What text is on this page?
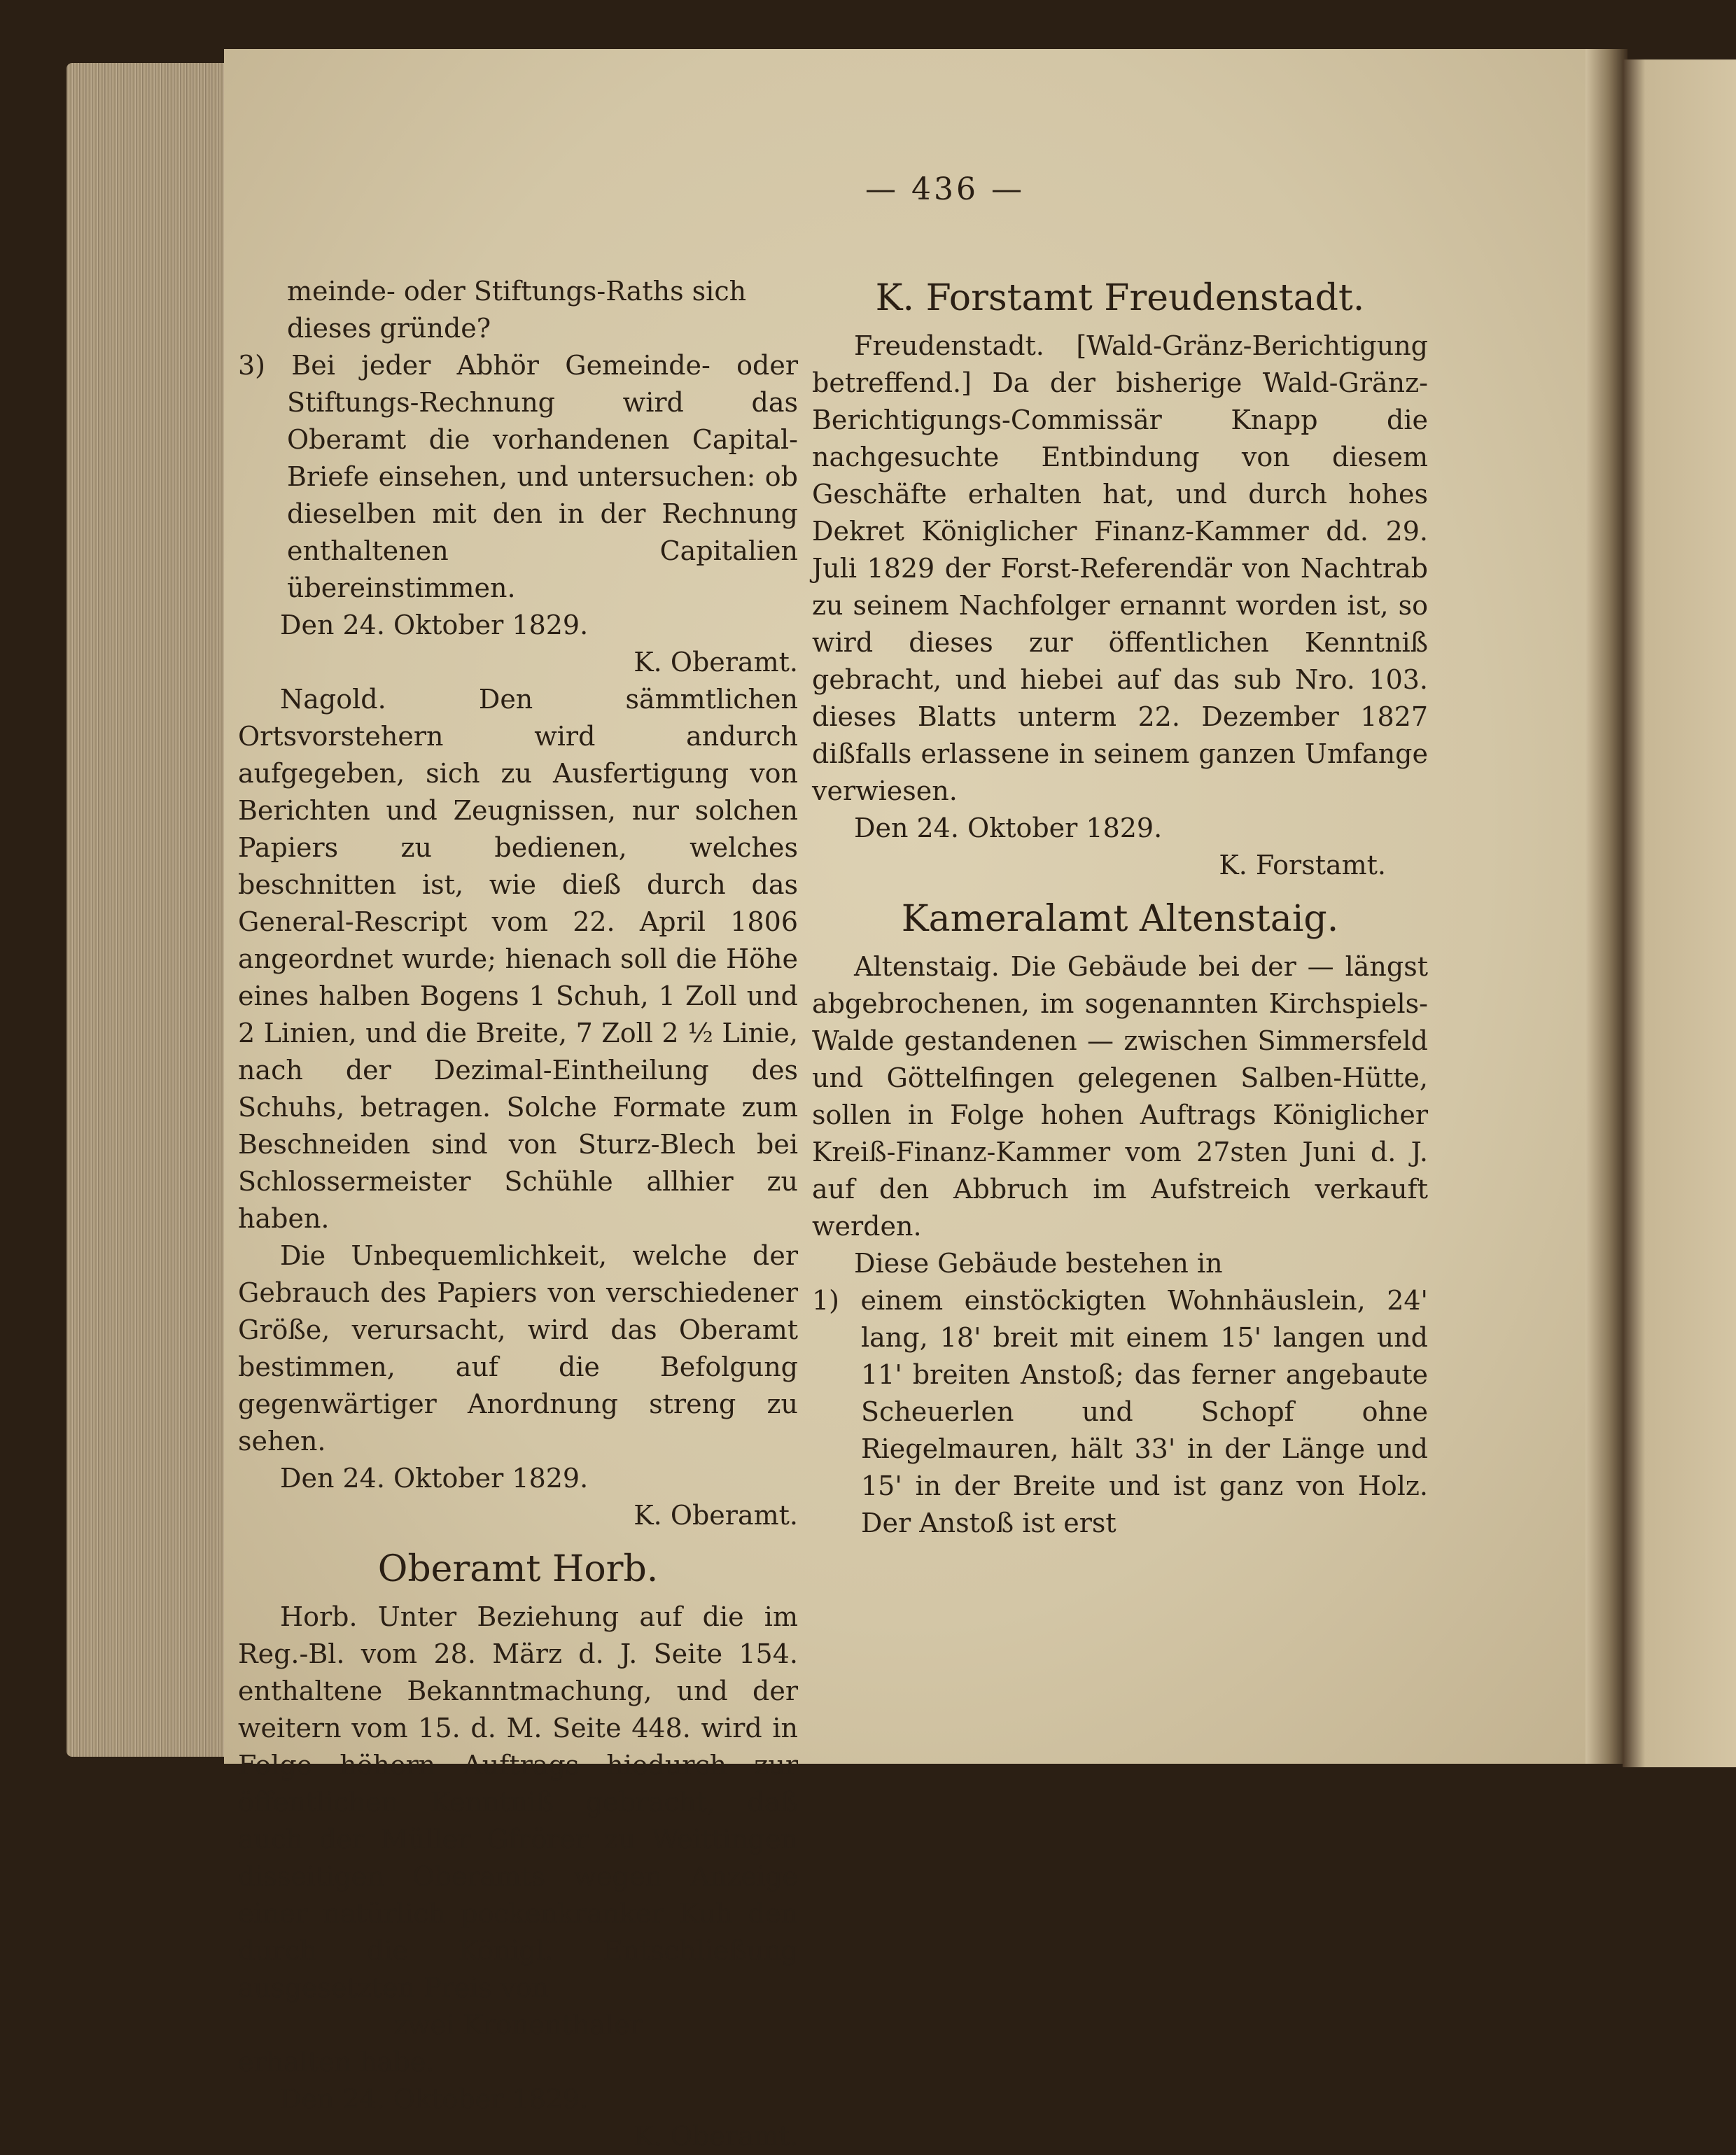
— 436 —

meinde- oder Stiftungs-Raths sich
dieses gründe?

3) Bei jeder Abhör Gemeinde- oder Stiftungs-Rechnung wird das Oberamt die vorhandenen Capital-Briefe einsehen, und untersuchen: ob dieselben mit den in der Rechnung enthaltenen Capitalien übereinstimmen.

Den 24. Oktober 1829.

K. Oberamt.

Nagold. Den sämmtlichen Ortsvorstehern wird andurch aufgegeben, sich zu Ausfertigung von Berichten und Zeugnissen, nur solchen Papiers zu bedienen, welches beschnitten ist, wie dieß durch das General-Rescript vom 22. April 1806 angeordnet wurde; hienach soll die Höhe eines halben Bogens 1 Schuh, 1 Zoll und 2 Linien, und die Breite, 7 Zoll 2 ½ Linie, nach der Dezimal-Eintheilung des Schuhs, betragen. Solche Formate zum Beschneiden sind von Sturz-Blech bei Schlossermeister Schühle allhier zu haben.

Die Unbequemlichkeit, welche der Gebrauch des Papiers von verschiedener Größe, verursacht, wird das Oberamt bestimmen, auf die Befolgung gegenwärtiger Anordnung streng zu sehen.

Den 24. Oktober 1829.

K. Oberamt.

Oberamt Horb.

Horb. Unter Beziehung auf die im Reg.-Bl. vom 28. März d. J. Seite 154. enthaltene Bekanntmachung, und der weitern vom 15. d. M. Seite 448. wird in Folge höhern Auftrags hiedurch zur öffentlichen Kenntniß gebracht, daß auch der Müller Gfrörer zu Weittingen disseitigen Oberamts wegen Anzeige einer natürlich pockenkranker Kuh den durch die Königl. Entschließung ausgesetzten Preis von

zwei Kronenthaler

erhalten habe.

Den 24. Oktober 1829.

K. Oberamt.

K. Forstamt Freudenstadt.

Freudenstadt. [Wald-Gränz-Berichtigung betreffend.] Da der bisherige Wald-Gränz-Berichtigungs-Commissär Knapp die nachgesuchte Entbindung von diesem Geschäfte erhalten hat, und durch hohes Dekret Königlicher Finanz-Kammer dd. 29. Juli 1829 der Forst-Referendär von Nachtrab zu seinem Nachfolger ernannt worden ist, so wird dieses zur öffentlichen Kenntniß gebracht, und hiebei auf das sub Nro. 103. dieses Blatts unterm 22. Dezember 1827 dißfalls erlassene in seinem ganzen Umfange verwiesen.

Den 24. Oktober 1829.

K. Forstamt.

Kameralamt Altenstaig.

Altenstaig. Die Gebäude bei der — längst abgebrochenen, im sogenannten Kirchspiels-Walde gestandenen — zwischen Simmersfeld und Göttelfingen gelegenen Salben-Hütte, sollen in Folge hohen Auftrags Königlicher Kreiß-Finanz-Kammer vom 27sten Juni d. J. auf den Abbruch im Aufstreich verkauft werden.

Diese Gebäude bestehen in

1) einem einstöckigten Wohnhäuslein, 24' lang, 18' breit mit einem 15' langen und 11' breiten Anstoß; das ferner angebaute Scheuerlen und Schopf ohne Riegelmauren, hält 33' in der Länge und 15' in der Breite und ist ganz von Holz. Der Anstoß ist erst
